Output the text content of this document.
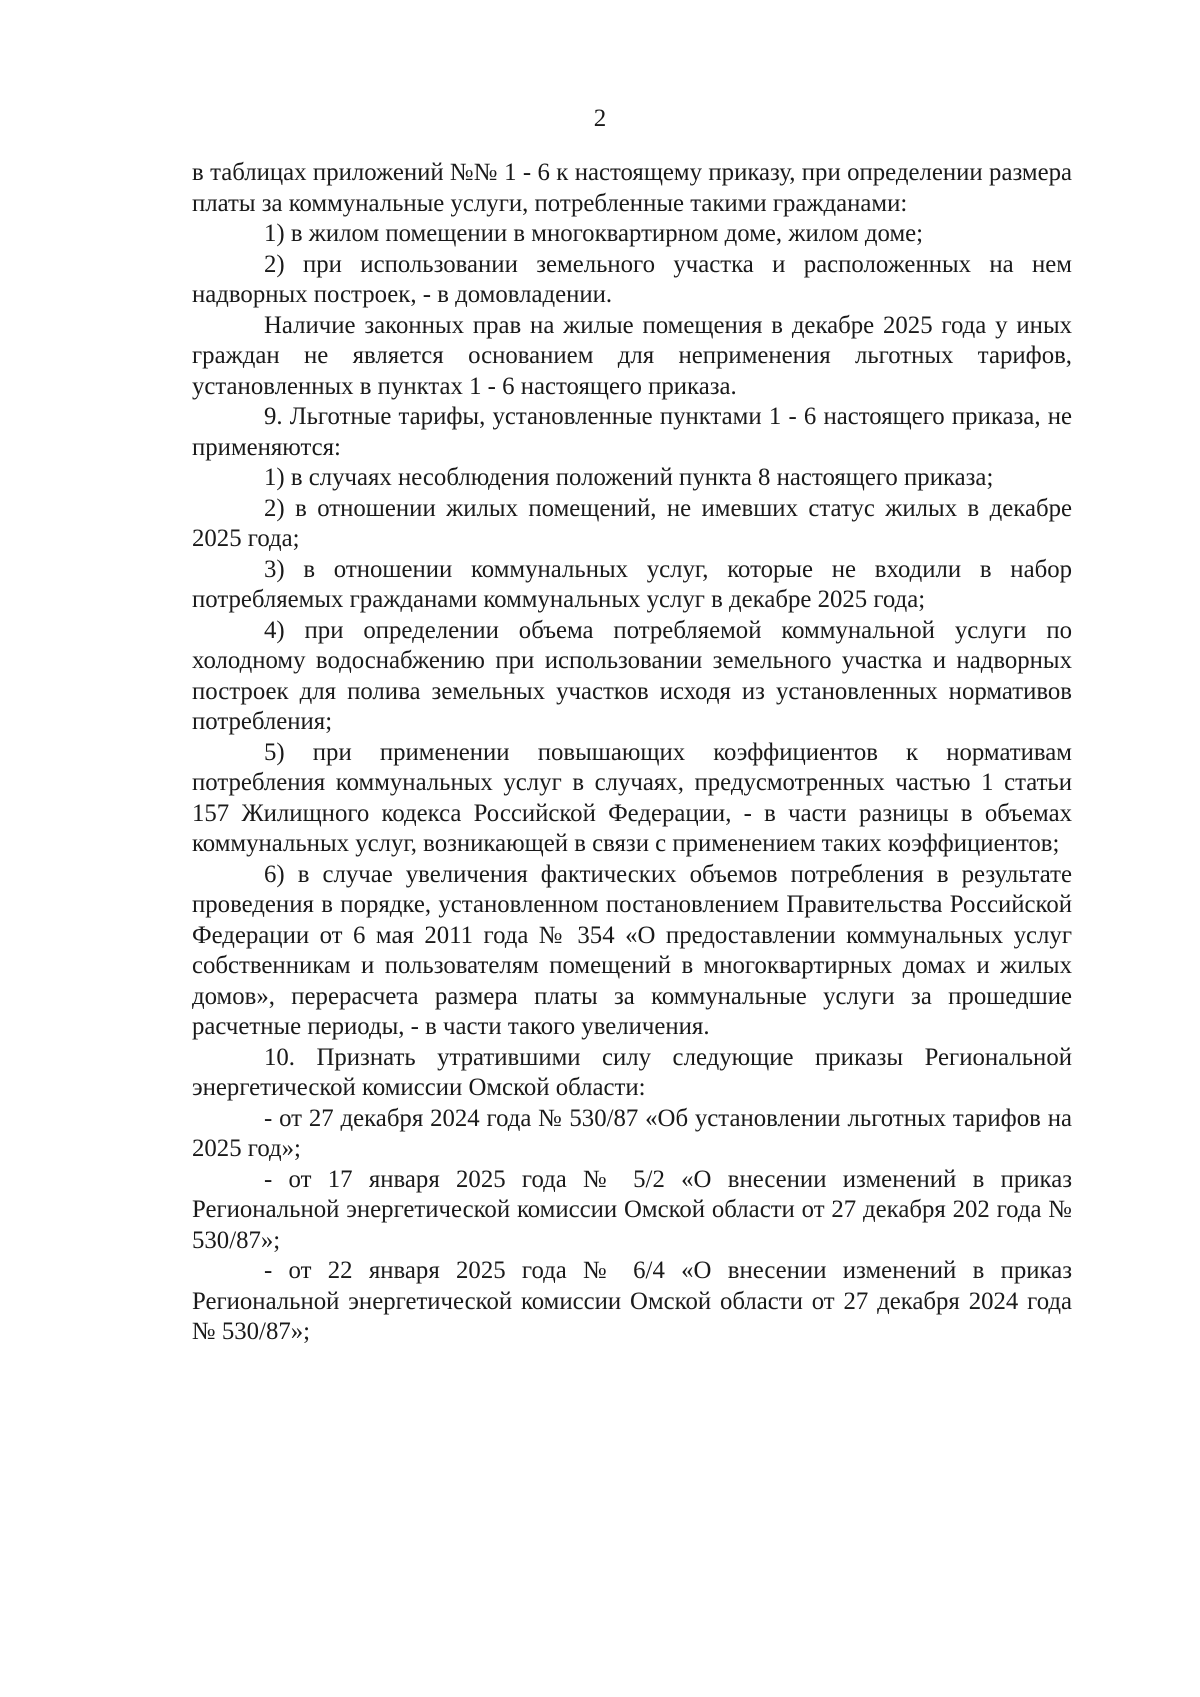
2

в таблицах приложений №№ 1 - 6 к настоящему приказу, при определении размера платы за коммунальные услуги, потребленные такими гражданами:

1) в жилом помещении в многоквартирном доме, жилом доме;

2) при использовании земельного участка и расположенных на нем надворных построек, - в домовладении.

Наличие законных прав на жилые помещения в декабре 2025 года у иных граждан не является основанием для неприменения льготных тарифов, установленных в пунктах 1 - 6 настоящего приказа.

9. Льготные тарифы, установленные пунктами 1 - 6 настоящего приказа, не применяются:

1) в случаях несоблюдения положений пункта 8 настоящего приказа;

2) в отношении жилых помещений, не имевших статус жилых в декабре 2025 года;

3) в отношении коммунальных услуг, которые не входили в набор потребляемых гражданами коммунальных услуг в декабре 2025 года;

4) при определении объема потребляемой коммунальной услуги по холодному водоснабжению при использовании земельного участка и надворных построек для полива земельных участков исходя из установленных нормативов потребления;

5) при применении повышающих коэффициентов к нормативам потребления коммунальных услуг в случаях, предусмотренных частью 1 статьи 157 Жилищного кодекса Российской Федерации, - в части разницы в объемах коммунальных услуг, возникающей в связи с применением таких коэффициентов;

6) в случае увеличения фактических объемов потребления в результате проведения в порядке, установленном постановлением Правительства Российской Федерации от 6 мая 2011 года № 354 «О предоставлении коммунальных услуг собственникам и пользователям помещений в многоквартирных домах и жилых домов», перерасчета размера платы за коммунальные услуги за прошедшие расчетные периоды, - в части такого увеличения.

10. Признать утратившими силу следующие приказы Региональной энергетической комиссии Омской области:

- от 27 декабря 2024 года № 530/87 «Об установлении льготных тарифов на 2025 год»;

- от 17 января 2025 года № 5/2 «О внесении изменений в приказ Региональной энергетической комиссии Омской области от 27 декабря 202 года № 530/87»;

- от 22 января 2025 года № 6/4 «О внесении изменений в приказ Региональной энергетической комиссии Омской области от 27 декабря 2024 года № 530/87»;
